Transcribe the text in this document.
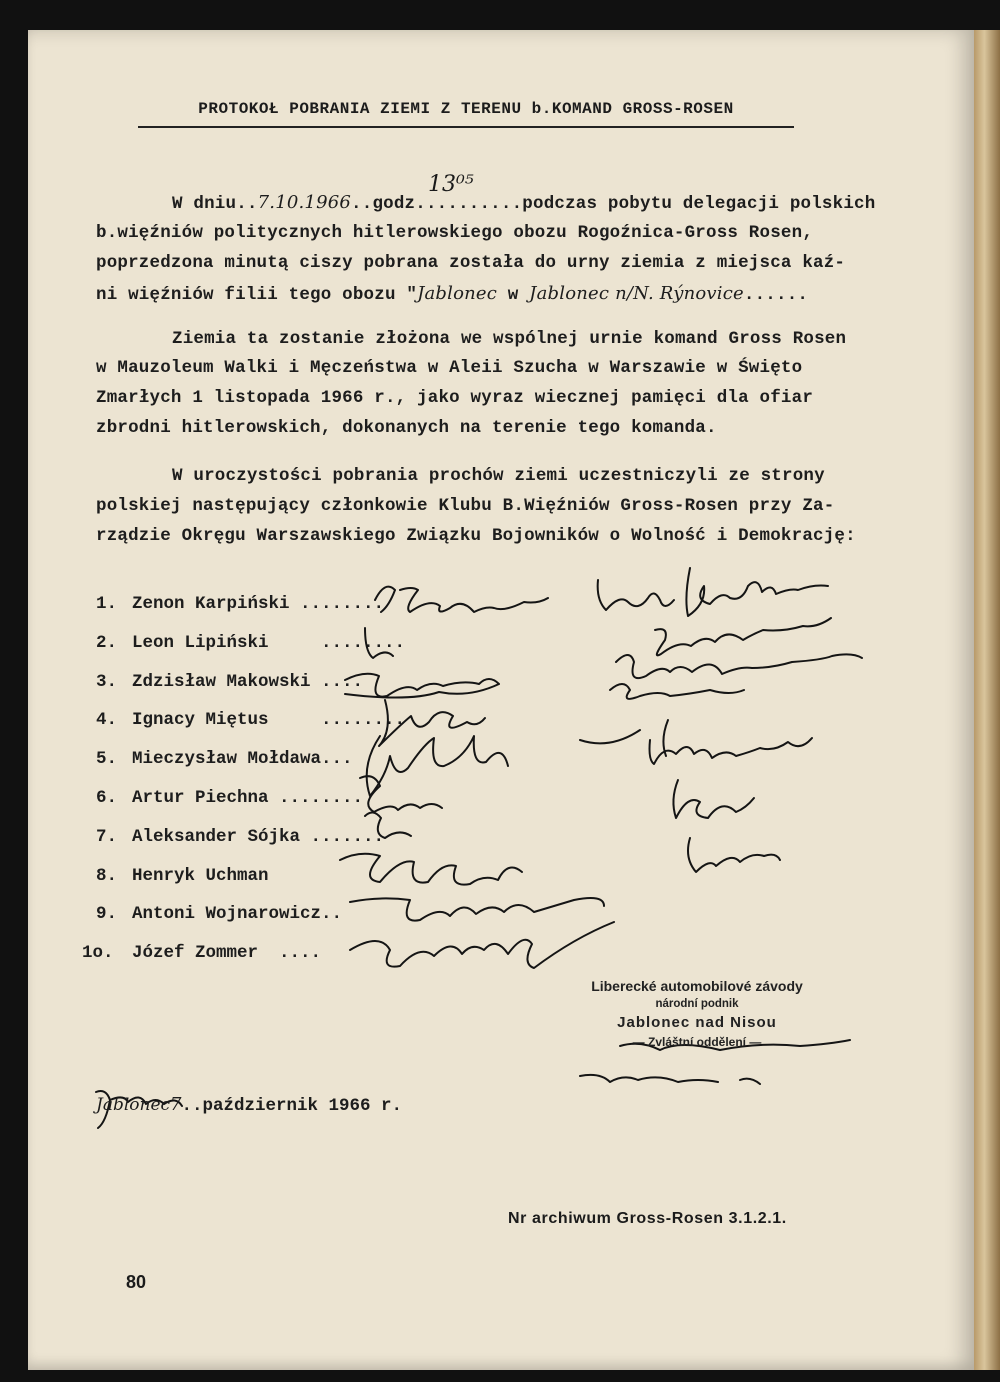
PROTOKOŁ POBRANIA ZIEMI Z TERENU b.KOMAND GROSS-ROSEN
13⁰⁵
W dniu..7.10.1966..godz..........podczas pobytu delegacji polskich
b.więźniów politycznych hitlerowskiego obozu Rogoźnica-Gross Rosen,
poprzedzona minutą ciszy pobrana została do urny ziemia z miejsca kaź-
ni więźniów filii tego obozu "Jablonec w Jablonec n/N. Rýnovice......
Ziemia ta zostanie złożona we wspólnej urnie komand Gross Rosen
w Mauzoleum Walki i Męczeństwa w Aleii Szucha w Warszawie w Święto
Zmarłych 1 listopada 1966 r., jako wyraz wiecznej pamięci dla ofiar
zbrodni hitlerowskich, dokonanych na terenie tego komanda.
W uroczystości pobrania prochów ziemi uczestniczyli ze strony
polskiej następujący członkowie Klubu B.Więźniów Gross-Rosen przy Za-
rządzie Okręgu Warszawskiego Związku Bojowników o Wolność i Demokrację:
1. Zenon Karpiński ........
2. Leon Lipiński	........
3. Zdzisław Makowski ....
4. Ignacy Miętus	........
5. Mieczysław Mołdawa...
6. Artur Piechna ........
7. Aleksander Sójka .......
8. Henryk Uchman
9. Antoni Wojnarowicz..
1o. Józef Zommer ....
Liberecké automobilové závody
národní podnik
Jablonec nad Nisou
— Zvláštní oddělení —
Jablonec7..październik 1966 r.
Nr archiwum Gross-Rosen 3.1.2.1.
80
